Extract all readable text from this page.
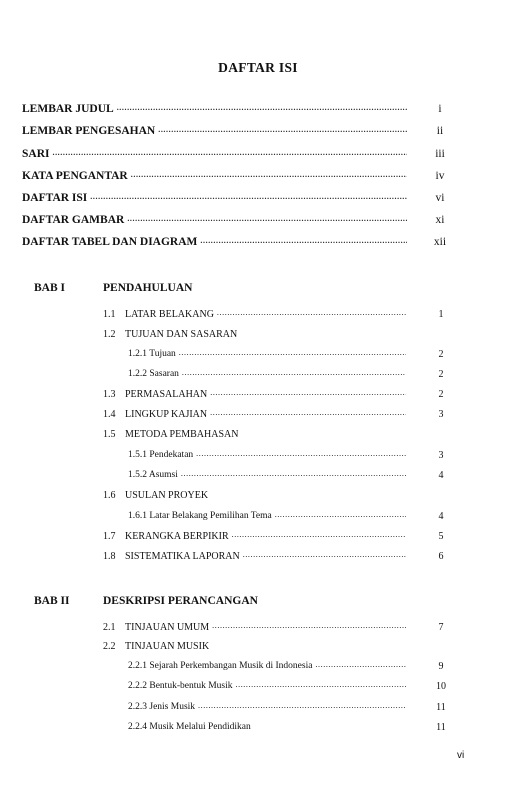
DAFTAR ISI
LEMBAR JUDUL .....	i
LEMBAR PENGESAHAN .....	ii
SARI .....	iii
KATA PENGANTAR .....	iv
DAFTAR ISI .....	vi
DAFTAR GAMBAR .....	xi
DAFTAR TABEL DAN DIAGRAM .....	xii
BAB I	PENDAHULUAN
1.1 LATAR BELAKANG .....	1
1.2 TUJUAN DAN SASARAN
1.2.1 Tujuan .....	2
1.2.2 Sasaran .....	2
1.3 PERMASALAHAN .....	2
1.4 LINGKUP KAJIAN .....	3
1.5 METODA PEMBAHASAN
1.5.1 Pendekatan .....	3
1.5.2 Asumsi .....	4
1.6 USULAN PROYEK
1.6.1 Latar Belakang Pemilihan Tema .....	4
1.7 KERANGKA BERPIKIR .....	5
1.8 SISTEMATIKA LAPORAN .....	6
BAB II	DESKRIPSI PERANCANGAN
2.1 TINJAUAN UMUM .....	7
2.2 TINJAUAN MUSIK
2.2.1 Sejarah Perkembangan Musik di Indonesia .....	9
2.2.2 Bentuk-bentuk Musik .....	10
2.2.3 Jenis Musik .....	11
2.2.4 Musik Melalui Pendidikan	11
vi
